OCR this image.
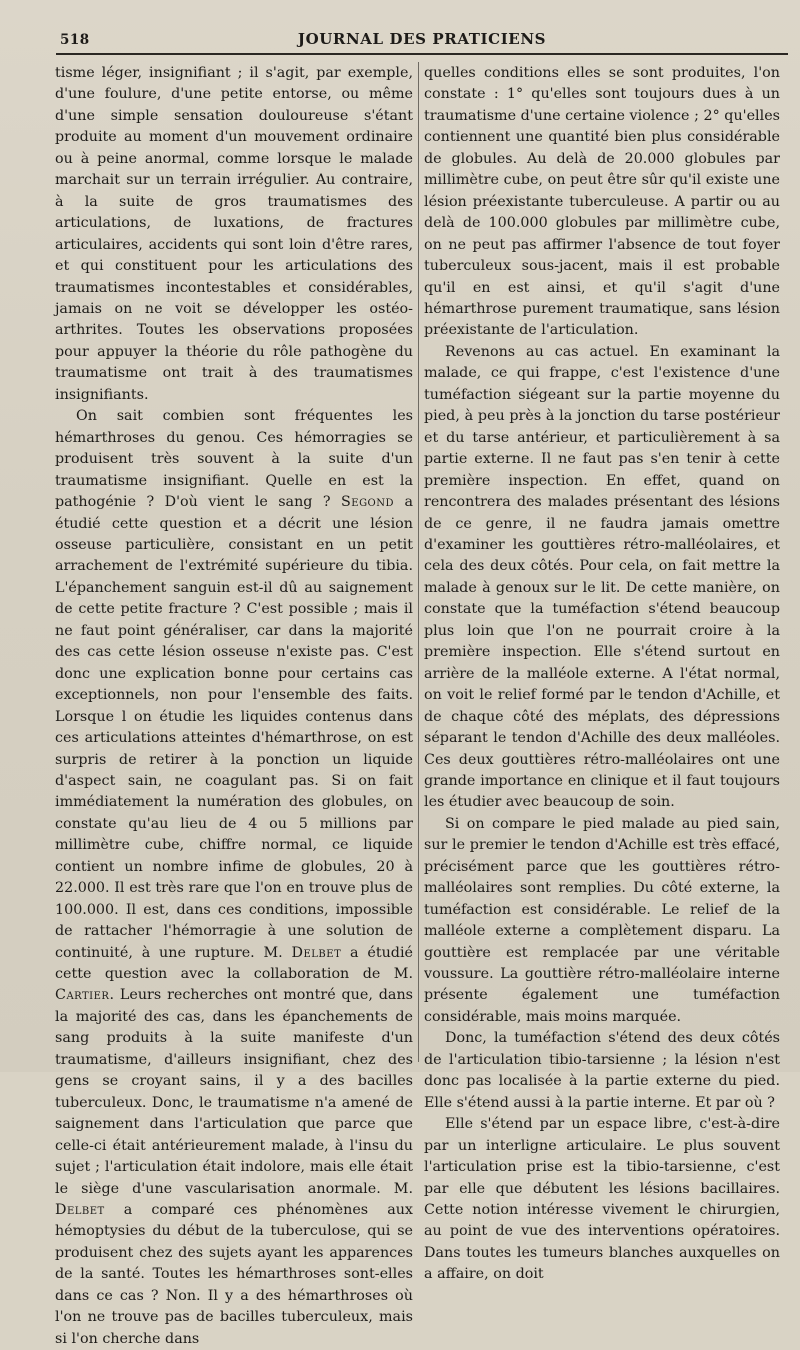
518	JOURNAL DES PRATICIENS

tisme léger, insignifiant ; il s'agit, par exemple, d'une foulure, d'une petite entorse, ou même d'une simple sensation douloureuse s'étant produite au moment d'un mouvement ordinaire ou à peine anormal, comme lorsque le malade marchait sur un terrain irrégulier. Au contraire, à la suite de gros traumatismes des articulations, de luxations, de fractures articulaires, accidents qui sont loin d'être rares, et qui constituent pour les articulations des traumatismes incontestables et considérables, jamais on ne voit se développer les ostéo-arthrites. Toutes les observations proposées pour appuyer la théorie du rôle pathogène du traumatisme ont trait à des traumatismes insignifiants.

On sait combien sont fréquentes les hémarthroses du genou. Ces hémorragies se produisent très souvent à la suite d'un traumatisme insignifiant. Quelle en est la pathogénie ? D'où vient le sang ? Segond a étudié cette question et a décrit une lésion osseuse particulière, consistant en un petit arrachement de l'extrémité supérieure du tibia. L'épanchement sanguin est-il dû au saignement de cette petite fracture ? C'est possible ; mais il ne faut point généraliser, car dans la majorité des cas cette lésion osseuse n'existe pas. C'est donc une explication bonne pour certains cas exceptionnels, non pour l'ensemble des faits. Lorsque l on étudie les liquides contenus dans ces articulations atteintes d'hémarthrose, on est surpris de retirer à la ponction un liquide d'aspect sain, ne coagulant pas. Si on fait immédiatement la numération des globules, on constate qu'au lieu de 4 ou 5 millions par millimètre cube, chiffre normal, ce liquide contient un nombre infime de globules, 20 à 22.000. Il est très rare que l'on en trouve plus de 100.000. Il est, dans ces conditions, impossible de rattacher l'hémorragie à une solution de continuité, à une rupture. M. Delbet a étudié cette question avec la collaboration de M. Cartier. Leurs recherches ont montré que, dans la majorité des cas, dans les épanchements de sang produits à la suite manifeste d'un traumatisme, d'ailleurs insignifiant, chez des gens se croyant sains, il y a des bacilles tuberculeux. Donc, le traumatisme n'a amené de saignement dans l'articulation que parce que celle-ci était antérieurement malade, à l'insu du sujet ; l'articulation était indolore, mais elle était le siège d'une vascularisation anormale. M. Delbet a comparé ces phénomènes aux hémoptysies du début de la tuberculose, qui se produisent chez des sujets ayant les apparences de la santé. Toutes les hémarthroses sont-elles dans ce cas ? Non. Il y a des hémarthroses où l'on ne trouve pas de bacilles tuberculeux, mais si l'on cherche dans

quelles conditions elles se sont produites, l'on constate : 1° qu'elles sont toujours dues à un traumatisme d'une certaine violence ; 2° qu'elles contiennent une quantité bien plus considérable de globules. Au delà de 20.000 globules par millimètre cube, on peut être sûr qu'il existe une lésion préexistante tuberculeuse. A partir ou au delà de 100.000 globules par millimètre cube, on ne peut pas affirmer l'absence de tout foyer tuberculeux sous-jacent, mais il est probable qu'il en est ainsi, et qu'il s'agit d'une hémarthrose purement traumatique, sans lésion préexistante de l'articulation.

Revenons au cas actuel. En examinant la malade, ce qui frappe, c'est l'existence d'une tuméfaction siégeant sur la partie moyenne du pied, à peu près à la jonction du tarse postérieur et du tarse antérieur, et particulièrement à sa partie externe. Il ne faut pas s'en tenir à cette première inspection. En effet, quand on rencontrera des malades présentant des lésions de ce genre, il ne faudra jamais omettre d'examiner les gouttières rétro-malléolaires, et cela des deux côtés. Pour cela, on fait mettre la malade à genoux sur le lit. De cette manière, on constate que la tuméfaction s'étend beaucoup plus loin que l'on ne pourrait croire à la première inspection. Elle s'étend surtout en arrière de la malléole externe. A l'état normal, on voit le relief formé par le tendon d'Achille, et de chaque côté des méplats, des dépressions séparant le tendon d'Achille des deux malléoles. Ces deux gouttières rétro-malléolaires ont une grande importance en clinique et il faut toujours les étudier avec beaucoup de soin.

Si on compare le pied malade au pied sain, sur le premier le tendon d'Achille est très effacé, précisément parce que les gouttières rétro-malléolaires sont remplies. Du côté externe, la tuméfaction est considérable. Le relief de la malléole externe a complètement disparu. La gouttière est remplacée par une véritable voussure. La gouttière rétro-malléolaire interne présente également une tuméfaction considérable, mais moins marquée.

Donc, la tuméfaction s'étend des deux côtés de l'articulation tibio-tarsienne ; la lésion n'est donc pas localisée à la partie externe du pied. Elle s'étend aussi à la partie interne. Et par où ?

Elle s'étend par un espace libre, c'est-à-dire par un interligne articulaire. Le plus souvent l'articulation prise est la tibio-tarsienne, c'est par elle que débutent les lésions bacillaires. Cette notion intéresse vivement le chirurgien, au point de vue des interventions opératoires. Dans toutes les tumeurs blanches auxquelles on a affaire, on doit
